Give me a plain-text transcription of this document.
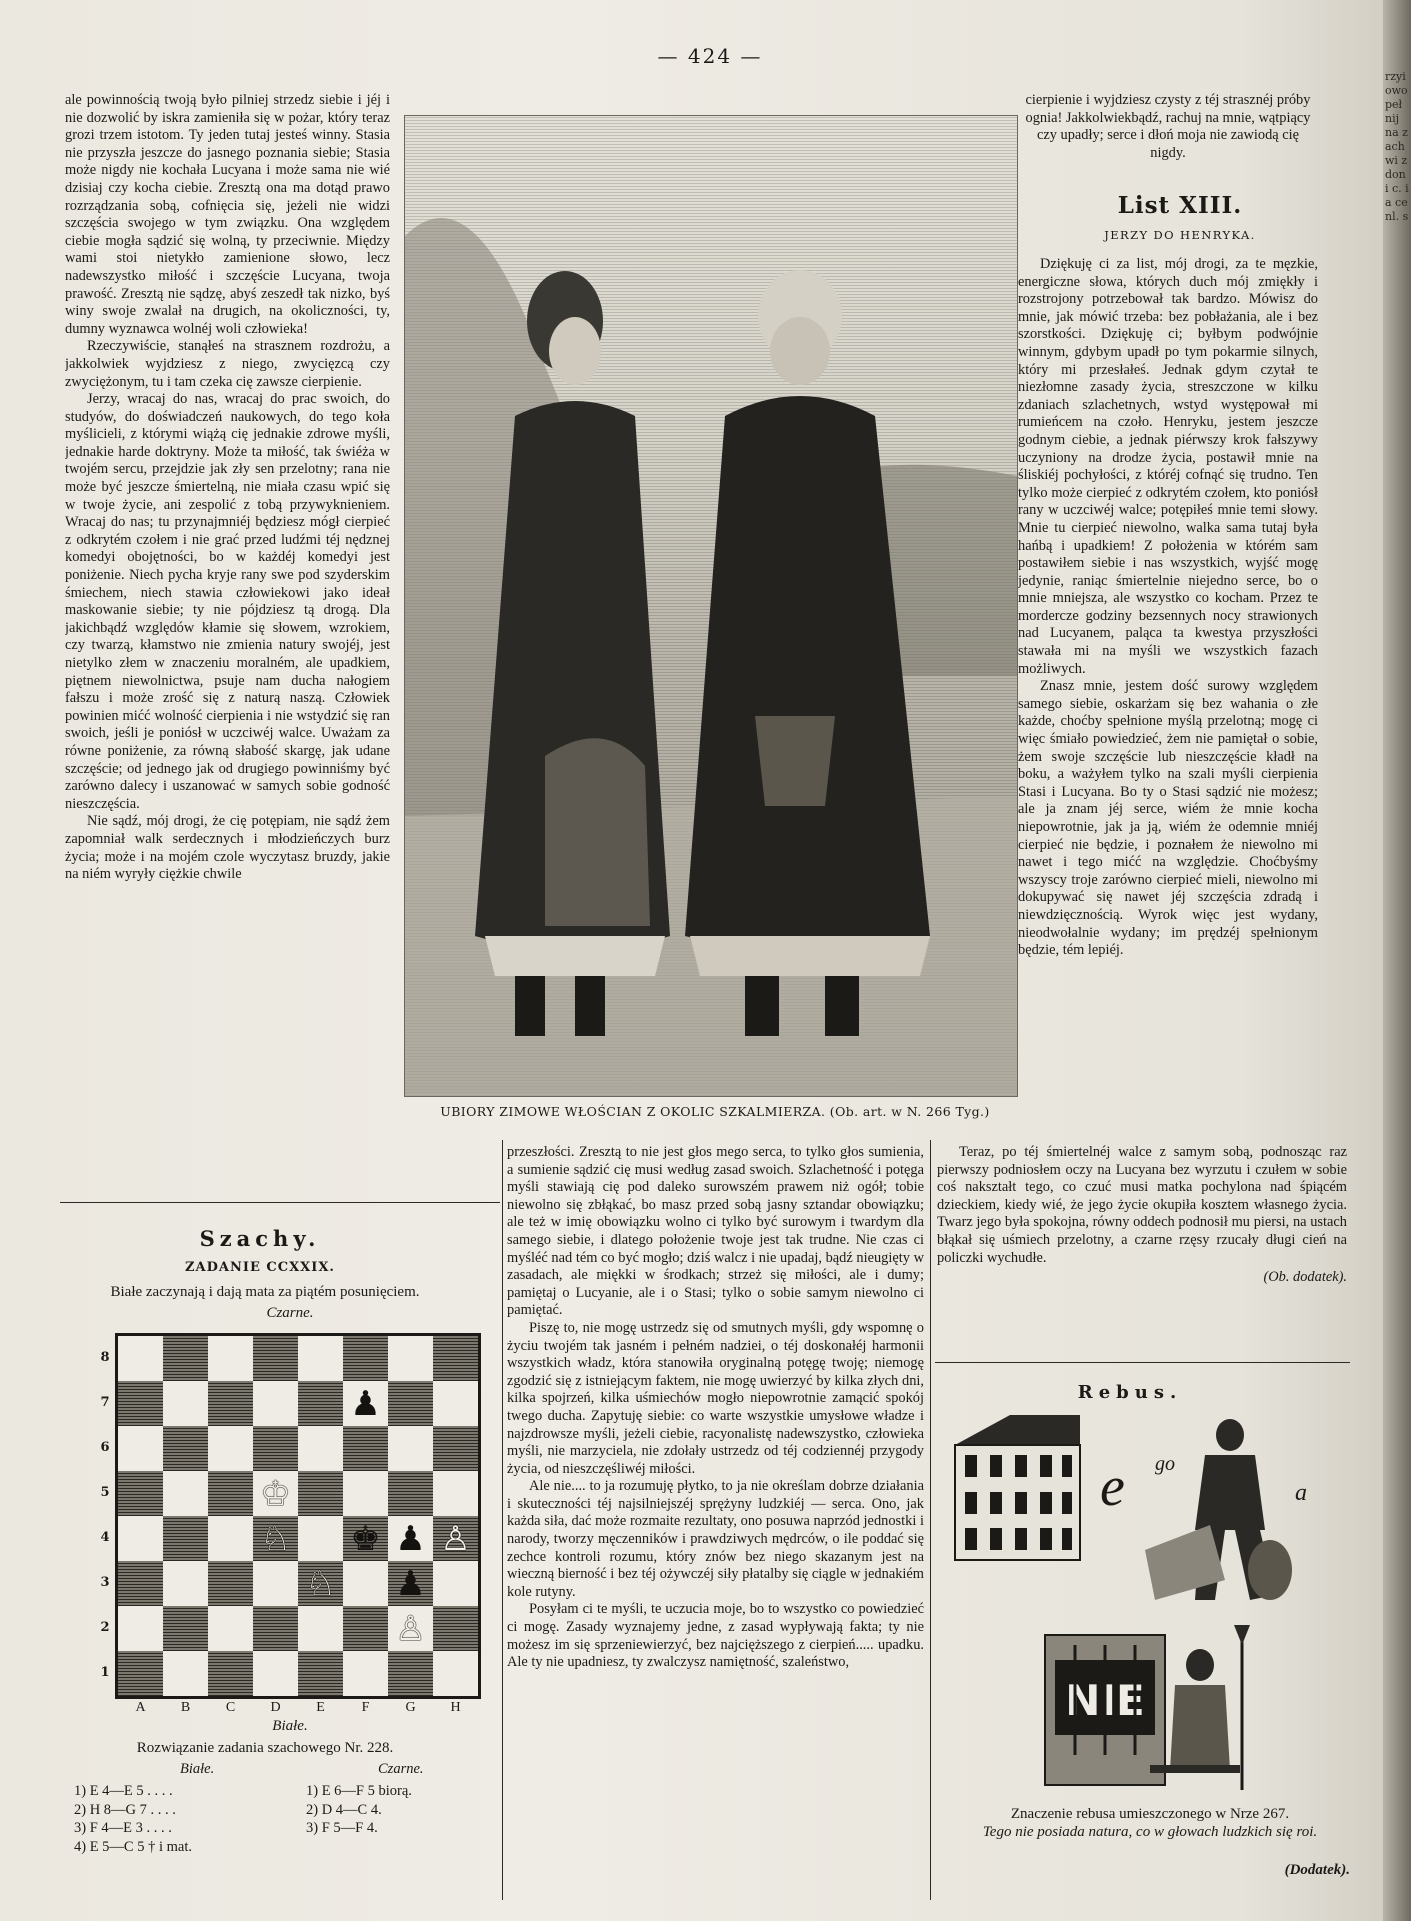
rzyiowo pełnij na zachwi z doni c. ia ce nl. s
— 424 —

ale powinnością twoją było pilniej strzedz siebie i jéj i nie dozwolić by iskra zamieniła się w pożar, który teraz grozi trzem istotom. Ty jeden tutaj jesteś winny. Stasia nie przyszła jeszcze do jasnego poznania siebie; Stasia może nigdy nie kochała Lucyana i może sama nie wié dzisiaj czy kocha ciebie. Zresztą ona ma dotąd prawo rozrządzania sobą, cofnięcia się, jeżeli nie widzi szczęścia swojego w tym związku. Ona względem ciebie mogła sądzić się wolną, ty przeciwnie. Między wami stoi nietykło zamienione słowo, lecz nadewszystko miłość i szczęście Lucyana, twoja prawość. Zresztą nie sądzę, abyś zeszedł tak nizko, byś winy swoje zwalał na drugich, na okoliczności, ty, dumny wyznawca wolnéj woli człowieka!

Rzeczywiście, stanąłeś na strasznem rozdrożu, a jakkolwiek wyjdziesz z niego, zwycięzcą czy zwyciężonym, tu i tam czeka cię zawsze cierpienie.

Jerzy, wracaj do nas, wracaj do prac swoich, do studyów, do doświadczeń naukowych, do tego koła myślicieli, z którymi wiążą cię jednakie zdrowe myśli, jednakie harde doktryny. Może ta miłość, tak świéża w twojém sercu, przejdzie jak zły sen przelotny; rana nie może być jeszcze śmiertelną, nie miała czasu wpić się w twoje życie, ani zespolić z tobą przywyknieniem. Wracaj do nas; tu przynajmniéj będziesz mógł cierpieć z odkrytém czołem i nie grać przed ludźmi téj nędznej komedyi obojętności, bo w każdéj komedyi jest poniżenie. Niech pycha kryje rany swe pod szyderskim śmiechem, niech stawia człowiekowi jako ideał maskowanie siebie; ty nie pójdziesz tą drogą. Dla jakichbądź względów kłamie się słowem, wzrokiem, czy twarzą, kłamstwo nie zmienia natury swojéj, jest nietylko złem w znaczeniu moralném, ale upadkiem, piętnem niewolnictwa, psuje nam ducha nałogiem fałszu i może zrość się z naturą naszą. Człowiek powinien mićć wolność cierpienia i nie wstydzić się ran swoich, jeśli je poniósł w uczciwéj walce. Uważam za równe poniżenie, za równą słabość skargę, jak udane szczęście; od jednego jak od drugiego powinniśmy być zarówno dalecy i uszanować w samych sobie godność nieszczęścia.

Nie sądź, mój drogi, że cię potępiam, nie sądź żem zapomniał walk serdecznych i młodzieńczych burz życia; może i na mojém czole wyczytasz bruzdy, jakie na niém wyryły ciężkie chwile

UBIORY ZIMOWE WŁOŚCIAN Z OKOLIC SZKALMIERZA. (Ob. art. w N. 266 Tyg.)

cierpienie i wyjdziesz czysty z téj strasznéj próby ognia! Jakkolwiekbądź, rachuj na mnie, wątpiący czy upadły; serce i dłoń moja nie zawiodą cię nigdy.

List XIII.
JERZY DO HENRYKA.

Dziękuję ci za list, mój drogi, za te męzkie, energiczne słowa, których duch mój zmiękły i rozstrojony potrzebował tak bardzo. Mówisz do mnie, jak mówić trzeba: bez pobłażania, ale i bez szorstkości. Dziękuję ci; byłbym podwójnie winnym, gdybym upadł po tym pokarmie silnych, który mi przesłałeś. Jednak gdym czytał te niezłomne zasady życia, streszczone w kilku zdaniach szlachetnych, wstyd występował mi rumieńcem na czoło. Henryku, jestem jeszcze godnym ciebie, a jednak piérwszy krok fałszywy uczyniony na drodze życia, postawił mnie na śliskiéj pochyłości, z któréj cofnąć się trudno. Ten tylko może cierpieć z odkrytém czołem, kto poniósł rany w uczciwéj walce; potępiłeś mnie temi słowy. Mnie tu cierpieć niewolno, walka sama tutaj była hańbą i upadkiem! Z położenia w którém sam postawiłem siebie i nas wszystkich, wyjść mogę jedynie, raniąc śmiertelnie niejedno serce, bo o mnie mniejsza, ale wszystko co kocham. Przez te mordercze godziny bezsennych nocy strawionych nad Lucyanem, paląca ta kwestya przyszłości stawała mi na myśli we wszystkich fazach możliwych.

Znasz mnie, jestem dość surowy względem samego siebie, oskarżam się bez wahania o złe każde, choćby spełnione myślą przelotną; mogę ci więc śmiało powiedzieć, żem nie pamiętał o sobie, żem swoje szczęście lub nieszczęście kładł na boku, a ważyłem tylko na szali myśli cierpienia Stasi i Lucyana. Bo ty o Stasi sądzić nie możesz; ale ja znam jéj serce, wiém że mnie kocha niepowrotnie, jak ja ją, wiém że odemnie mniéj cierpieć nie będzie, i poznałem że niewolno mi nawet i tego mićć na względzie. Choćbyśmy wszyscy troje zarówno cierpieć mieli, niewolno mi dokupywać się nawet jéj szczęścia zdradą i niewdzięcznością. Wyrok więc jest wydany, nieodwołalnie wydany; im prędzéj spełnionym będzie, tém lepiéj.

przeszłości. Zresztą to nie jest głos mego serca, to tylko głos sumienia, a sumienie sądzić cię musi według zasad swoich. Szlachetność i potęga myśli stawiają cię pod daleko surowszém prawem niż ogół; tobie niewolno się zbłąkać, bo masz przed sobą jasny sztandar obowiązku; ale też w imię obowiązku wolno ci tylko być surowym i twardym dla samego siebie, i dlatego położenie twoje jest tak trudne. Nie czas ci myśléć nad tém co być mogło; dziś walcz i nie upadaj, bądź nieugięty w zasadach, ale miękki w środkach; strzeż się miłości, ale i dumy; pamiętaj o Lucyanie, ale i o Stasi; tylko o sobie samym niewolno ci pamiętać.

Piszę to, nie mogę ustrzedz się od smutnych myśli, gdy wspomnę o życiu twojém tak jasném i pełném nadziei, o téj doskonałéj harmonii wszystkich władz, która stanowiła oryginalną potęgę twoję; niemogę zgodzić się z istniejącym faktem, nie mogę uwierzyć by kilka złych dni, kilka spojrzeń, kilka uśmiechów mogło niepowrotnie zamącić spokój twego ducha. Zapytuję siebie: co warte wszystkie umysłowe władze i najzdrowsze myśli, jeżeli ciebie, racyonalistę nadewszystko, człowieka myśli, nie marzyciela, nie zdołały ustrzedz od téj codziennéj przygody życia, od nieszczęśliwéj miłości.

Ale nie.... to ja rozumuję płytko, to ja nie określam dobrze działania i skuteczności téj najsilniejszéj sprężyny ludzkiéj — serca. Ono, jak każda siła, dać może rozmaite rezultaty, ono posuwa naprzód jednostki i narody, tworzy męczenników i prawdziwych mędrców, o ile poddać się zechce kontroli rozumu, który znów bez niego skazanym jest na wieczną bierność i bez téj ożywczéj siły płatalby się ciągle w jednakiém kole rutyny.

Posyłam ci te myśli, te uczucia moje, bo to wszystko co powiedzieć ci mogę. Zasady wyznajemy jedne, z zasad wypływają fakta; ty nie możesz im się sprzeniewierzyć, bez najcięższego z cierpień..... upadku. Ale ty nie upadniesz, ty zwalczysz namiętność, szaleństwo,

Teraz, po téj śmiertelnéj walce z samym sobą, podnosząc raz pierwszy podniosłem oczy na Lucyana bez wyrzutu i czułem w sobie coś nakształt tego, co czuć musi matka pochylona nad śpiącém dzieckiem, kiedy wié, że jego życie okupiła kosztem własnego życia. Twarz jego była spokojna, równy oddech podnosił mu piersi, na ustach błąkał się uśmiech przelotny, a czarne rzęsy rzucały długi cień na policzki wychudłe.

(Ob. dodatek).
Szachy.
ZADANIE CCXXIX.
Białe zaczynają i dają mata za piątém posunięciem.
Czarne.
8
7
6
5
4
3
2
1
♟
♔
♘ ♚ ♟ ♙
♘ ♟
♙
A	B	C	D	E	F	G	H
Białe.
Rozwiązanie zadania szachowego Nr. 228.
Białe.	Czarne.
1) E 4—E 5 . . . .	1) E 6—F 5 biorą.
2) H 8—G 7 . . . .	2) D 4—C 4.
3) F 4—E 3 . . . .	3) F 5—F 4.
4) E 5—C 5 † i mat.
Rebus.
e go
a
NIE
Znaczenie rebusa umieszczonego w Nrze 267.
Tego nie posiada natura, co w głowach ludzkich się roi.
(Dodatek).
